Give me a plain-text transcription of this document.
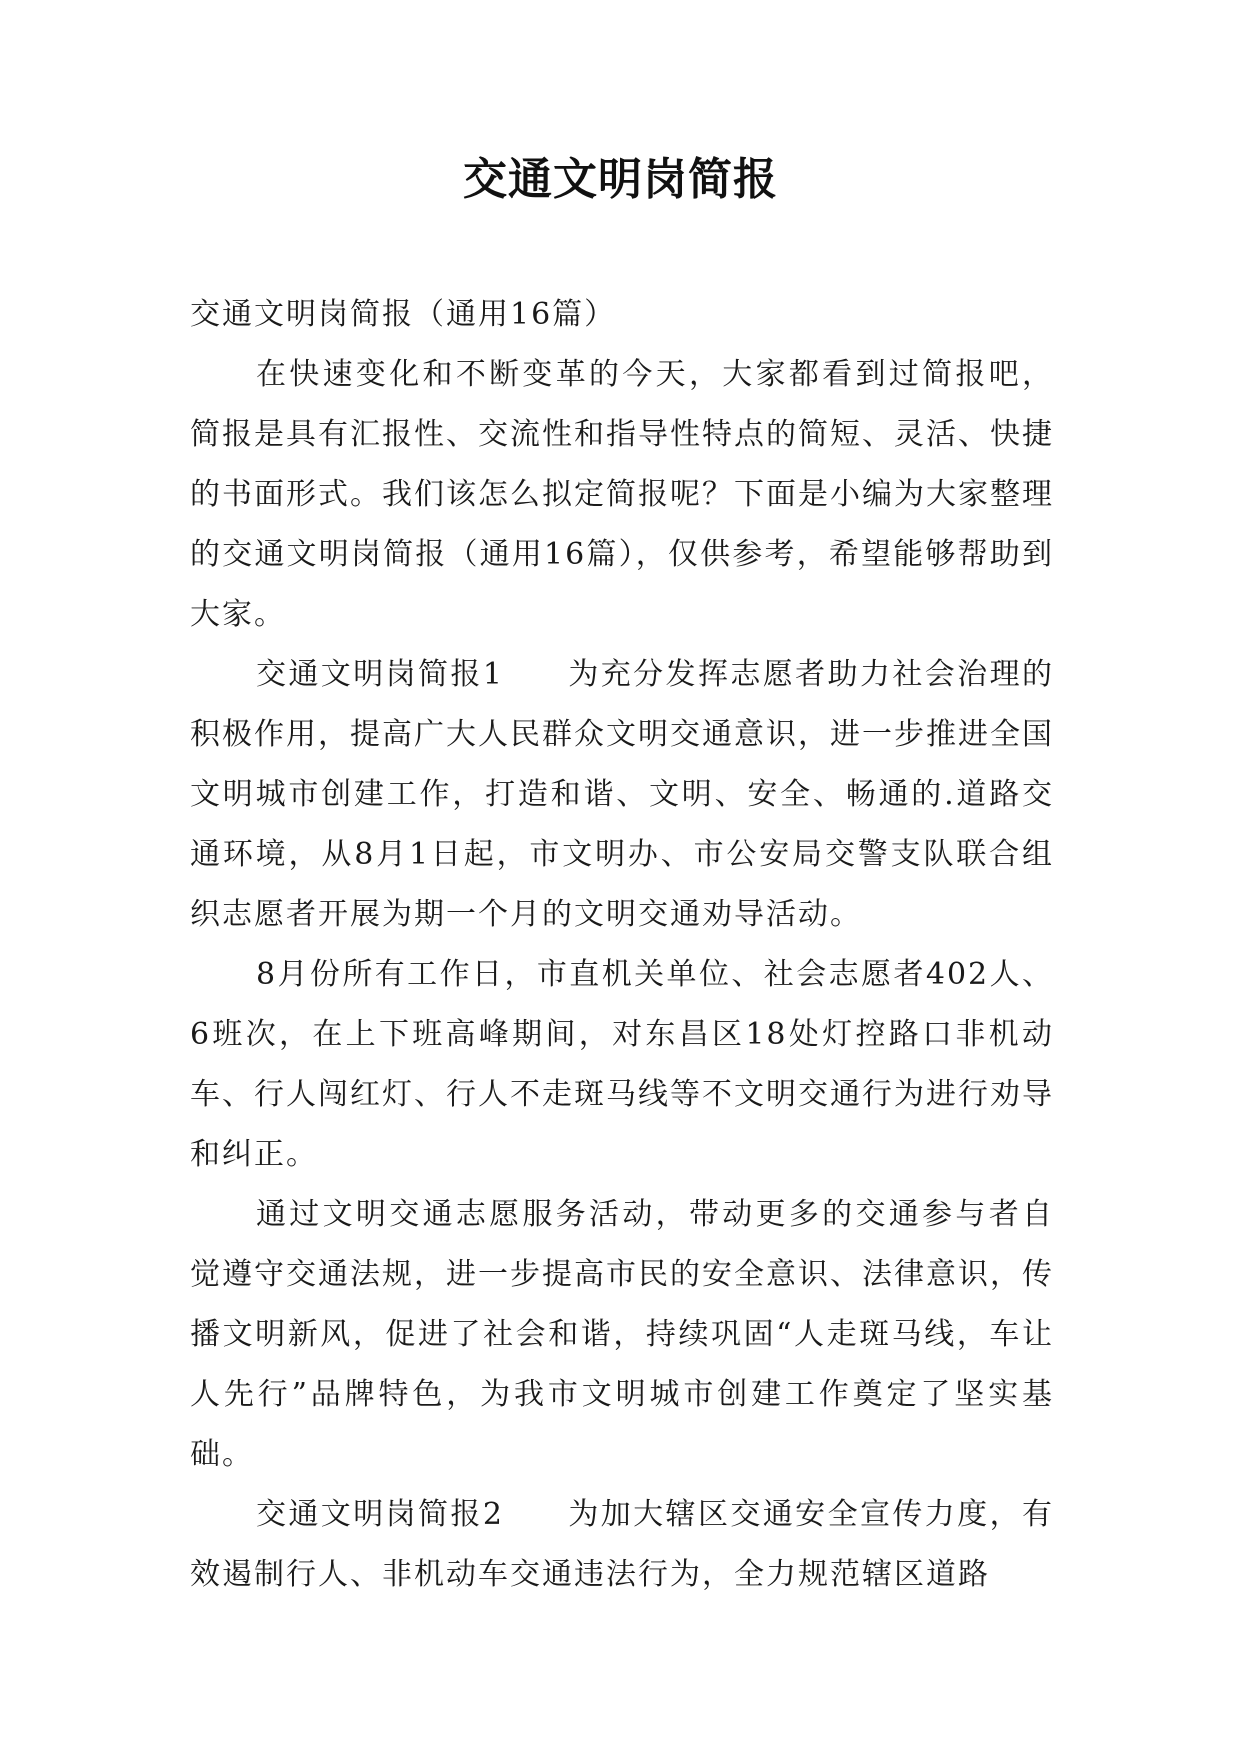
交通文明岗简报

交通文明岗简报（通用16篇）

在快速变化和不断变革的今天，大家都看到过简报吧，简报是具有汇报性、交流性和指导性特点的简短、灵活、快捷的书面形式。我们该怎么拟定简报呢？下面是小编为大家整理的交通文明岗简报（通用16篇），仅供参考，希望能够帮助到大家。

交通文明岗简报1 为充分发挥志愿者助力社会治理的积极作用，提高广大人民群众文明交通意识，进一步推进全国文明城市创建工作，打造和谐、文明、安全、畅通的.道路交通环境，从8月1日起，市文明办、市公安局交警支队联合组织志愿者开展为期一个月的文明交通劝导活动。

8月份所有工作日，市直机关单位、社会志愿者402人、6班次，在上下班高峰期间，对东昌区18处灯控路口非机动车、行人闯红灯、行人不走斑马线等不文明交通行为进行劝导和纠正。

通过文明交通志愿服务活动，带动更多的交通参与者自觉遵守交通法规，进一步提高市民的安全意识、法律意识，传播文明新风，促进了社会和谐，持续巩固“人走斑马线，车让人先行”品牌特色，为我市文明城市创建工作奠定了坚实基础。

交通文明岗简报2 为加大辖区交通安全宣传力度，有效遏制行人、非机动车交通违法行为，全力规范辖区道路
